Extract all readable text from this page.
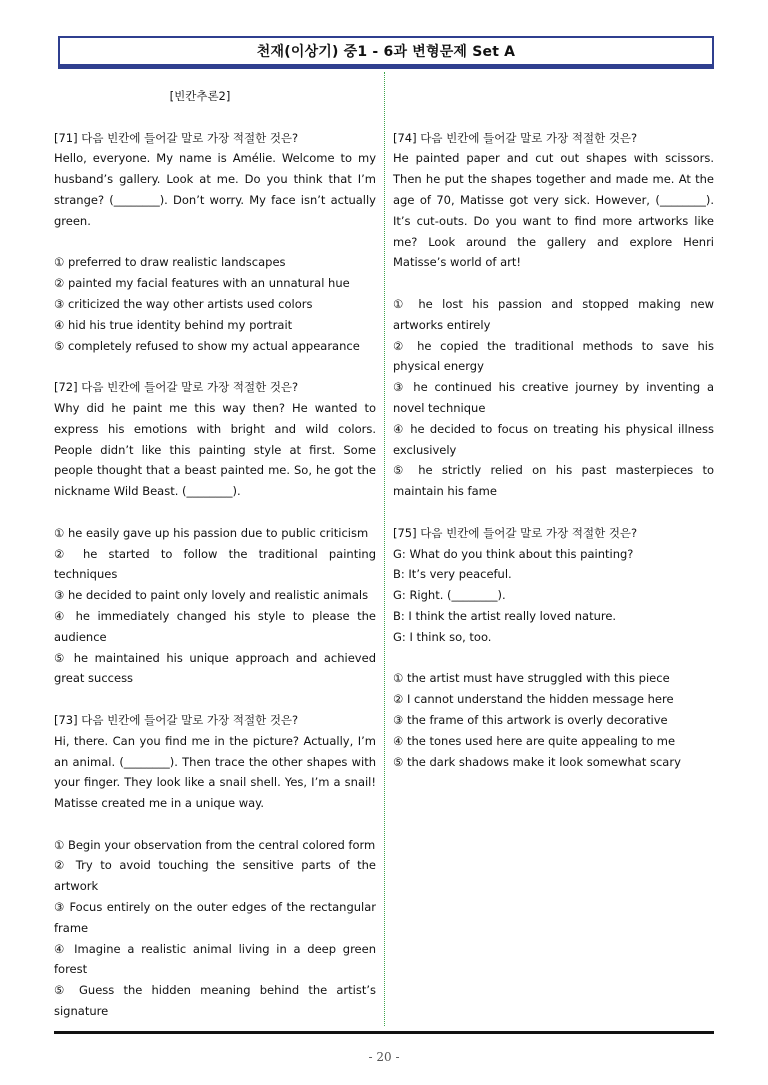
천재(이상기) 중1 - 6과 변형문제 Set A
[빈칸추론2]
[71] 다음 빈칸에 들어갈 말로 가장 적절한 것은?

Hello, everyone. My name is Amélie. Welcome to my husband’s gallery. Look at me. Do you think that I’m strange? (________). Don’t worry. My face isn’t actually green.

① preferred to draw realistic landscapes
② painted my facial features with an unnatural hue
③ criticized the way other artists used colors
④ hid his true identity behind my portrait
⑤ completely refused to show my actual appearance
[72] 다음 빈칸에 들어갈 말로 가장 적절한 것은?

Why did he paint me this way then? He wanted to express his emotions with bright and wild colors. People didn’t like this painting style at first. Some people thought that a beast painted me. So, he got the nickname Wild Beast. (________).

① he easily gave up his passion due to public criticism
② he started to follow the traditional painting techniques
③ he decided to paint only lovely and realistic animals
④ he immediately changed his style to please the audience
⑤ he maintained his unique approach and achieved great success
[73] 다음 빈칸에 들어갈 말로 가장 적절한 것은?

Hi, there. Can you find me in the picture? Actually, I’m an animal. (________). Then trace the other shapes with your finger. They look like a snail shell. Yes, I’m a snail! Matisse created me in a unique way.

① Begin your observation from the central colored form
② Try to avoid touching the sensitive parts of the artwork
③ Focus entirely on the outer edges of the rectangular frame
④ Imagine a realistic animal living in a deep green forest
⑤ Guess the hidden meaning behind the artist’s signature
[74] 다음 빈칸에 들어갈 말로 가장 적절한 것은?

He painted paper and cut out shapes with scissors. Then he put the shapes together and made me. At the age of 70, Matisse got very sick. However, (________). It’s cut-outs. Do you want to find more artworks like me? Look around the gallery and explore Henri Matisse’s world of art!

① he lost his passion and stopped making new artworks entirely
② he copied the traditional methods to save his physical energy
③ he continued his creative journey by inventing a novel technique
④ he decided to focus on treating his physical illness exclusively
⑤ he strictly relied on his past masterpieces to maintain his fame
[75] 다음 빈칸에 들어갈 말로 가장 적절한 것은?
G: What do you think about this painting?
B: It’s very peaceful.
G: Right. (________).
B: I think the artist really loved nature.
G: I think so, too.
① the artist must have struggled with this piece
② I cannot understand the hidden message here
③ the frame of this artwork is overly decorative
④ the tones used here are quite appealing to me
⑤ the dark shadows make it look somewhat scary
- 20 -
